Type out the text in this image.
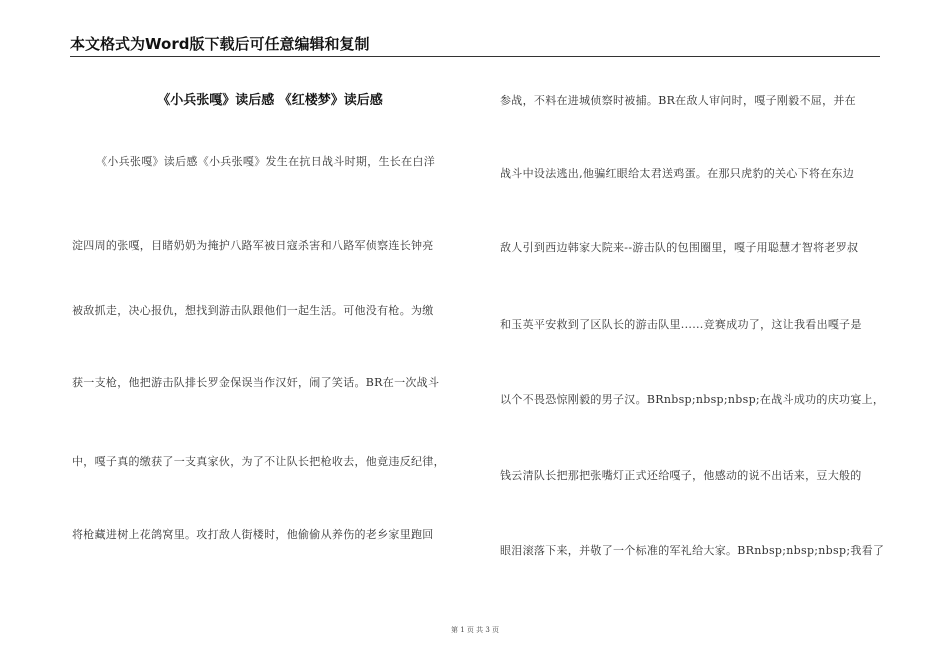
本文格式为Word版下载后可任意编辑和复制
《小兵张嘎》读后感 《红楼梦》读后感
《小兵张嘎》读后感《小兵张嘎》发生在抗日战斗时期，生长在白洋
淀四周的张嘎，目睹奶奶为掩护八路军被日寇杀害和八路军侦察连长钟亮
被敌抓走，决心报仇，想找到游击队跟他们一起生活。可他没有枪。为缴
获一支枪，他把游击队排长罗金保误当作汉奸，闹了笑话。BR在一次战斗
中，嘎子真的缴获了一支真家伙，为了不让队长把枪收去，他竟违反纪律，
将枪藏进树上花鸽窝里。攻打敌人街楼时，他偷偷从养伤的老乡家里跑回
参战，不料在进城侦察时被捕。BR在敌人审问时，嘎子刚毅不屈，并在
战斗中设法逃出,他骗红眼给太君送鸡蛋。在那只虎豹的关心下将在东边
敌人引到西边韩家大院来--游击队的包围圈里，嘎子用聪慧才智将老罗叔
和玉英平安救到了区队长的游击队里......竞赛成功了，这让我看出嘎子是
以个不畏恐惊刚毅的男子汉。BRnbsp;nbsp;nbsp;在战斗成功的庆功宴上，
钱云清队长把那把张嘴灯正式还给嘎子，他感动的说不出话来，豆大般的
眼泪滚落下来，并敬了一个标准的军礼给大家。BRnbsp;nbsp;nbsp;我看了
第 1 页 共 3 页
